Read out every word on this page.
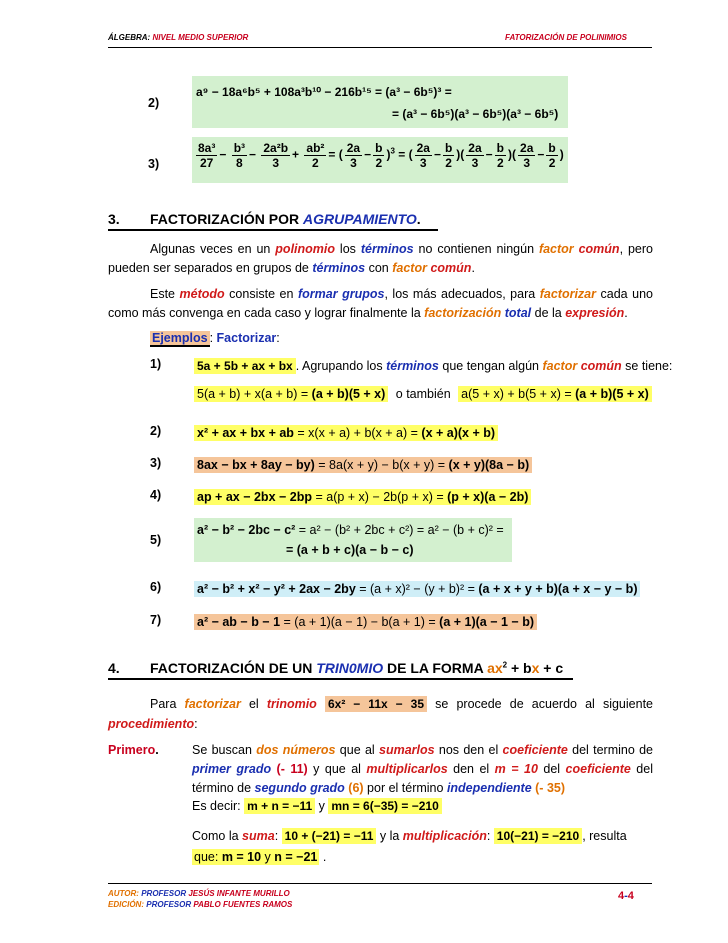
ÁLGEBRA: NIVEL MEDIO SUPERIOR	FATORIZACIÓN DE POLINIMIOS
2)
a⁹ − 18a⁶b⁵ + 108a³b¹⁰ − 216b¹⁵ = (a³ − 6b⁵)³ =
= (a³ − 6b⁵)(a³ − 6b⁵)(a³ − 6b⁵)
3)	$\frac{\text{8a³}}{27} - \frac{\text{b³}}{8} - \frac{\text{2a²b}}{3} + \frac{\text{ab²}}{2}$ = ( $\frac{2a}{3} - \frac{b}{2} )^3$ = ( $\frac{2a}{3} - \frac{b}{2}$ )( $\frac{2a}{3} - \frac{b}{2}$ )( $\frac{2a}{3} - \frac{b}{2}$ )
3. FACTORIZACIÓN POR AGRUPAMIENTO.
Algunas veces en un polinomio los términos no contienen ningún factor común, pero pueden ser separados en grupos de términos con factor común.
Este método consiste en formar grupos, los más adecuados, para factorizar cada uno como más convenga en cada caso y lograr finalmente la factorización total de la expresión.
Ejemplos : Factorizar:
1)	5a + 5b + ax + bx . Agrupando los términos que tengan algún factor común se tiene:
5(a + b) + x(a + b) = (a + b)(5 + x) o también a(5 + x) + b(5 + x) = (a + b)(5 + x)
2)	x² + ax + bx + ab = x(x + a) + b(x + a) = (x + a)(x + b)
3)	8ax − bx + 8ay − by) = 8a(x + y) − b(x + y) = (x + y)(8a − b)
4)	ap + ax − 2bx − 2bp = a(p + x) − 2b(p + x) = (p + x)(a − 2b)
5)
a² − b² − 2bc − c² = a² − (b² + 2bc + c²) = a² − (b + c)² =
= (a + b + c)(a − b − c)
6)	a² − b² + x² − y² + 2ax − 2by = (a + x)² − (y + b)² = (a + x + y + b)(a + x − y − b)
7)	a² − ab − b − 1 = (a + 1)(a − 1) − b(a + 1) = (a + 1)(a − 1 − b)
4. FACTORIZACIÓN DE UN TRIN0MIO DE LA FORMA $ax^2$ + bx + c
Para factorizar el trinomio 6x² − 11x − 35 se procede de acuerdo al siguiente procedimiento:
Primero.	Se buscan dos números que al sumarlos nos den el coeficiente del termino de primer grado (- 11) y que al multiplicarlos den el m = 10 del coeficiente del término de segundo grado (6) por el término independiente (- 35)
Es decir: m + n = −11 y mn = 6(−35) = −210
Como la suma: 10 + (−21) = −11 y la multiplicación: 10(−21) = −210 , resulta
que: m = 10 y n = −21 .
AUTOR: PROFESOR JESÚS INFANTE MURILLO
EDICIÓN: PROFESOR PABLO FUENTES RAMOS
4-4
